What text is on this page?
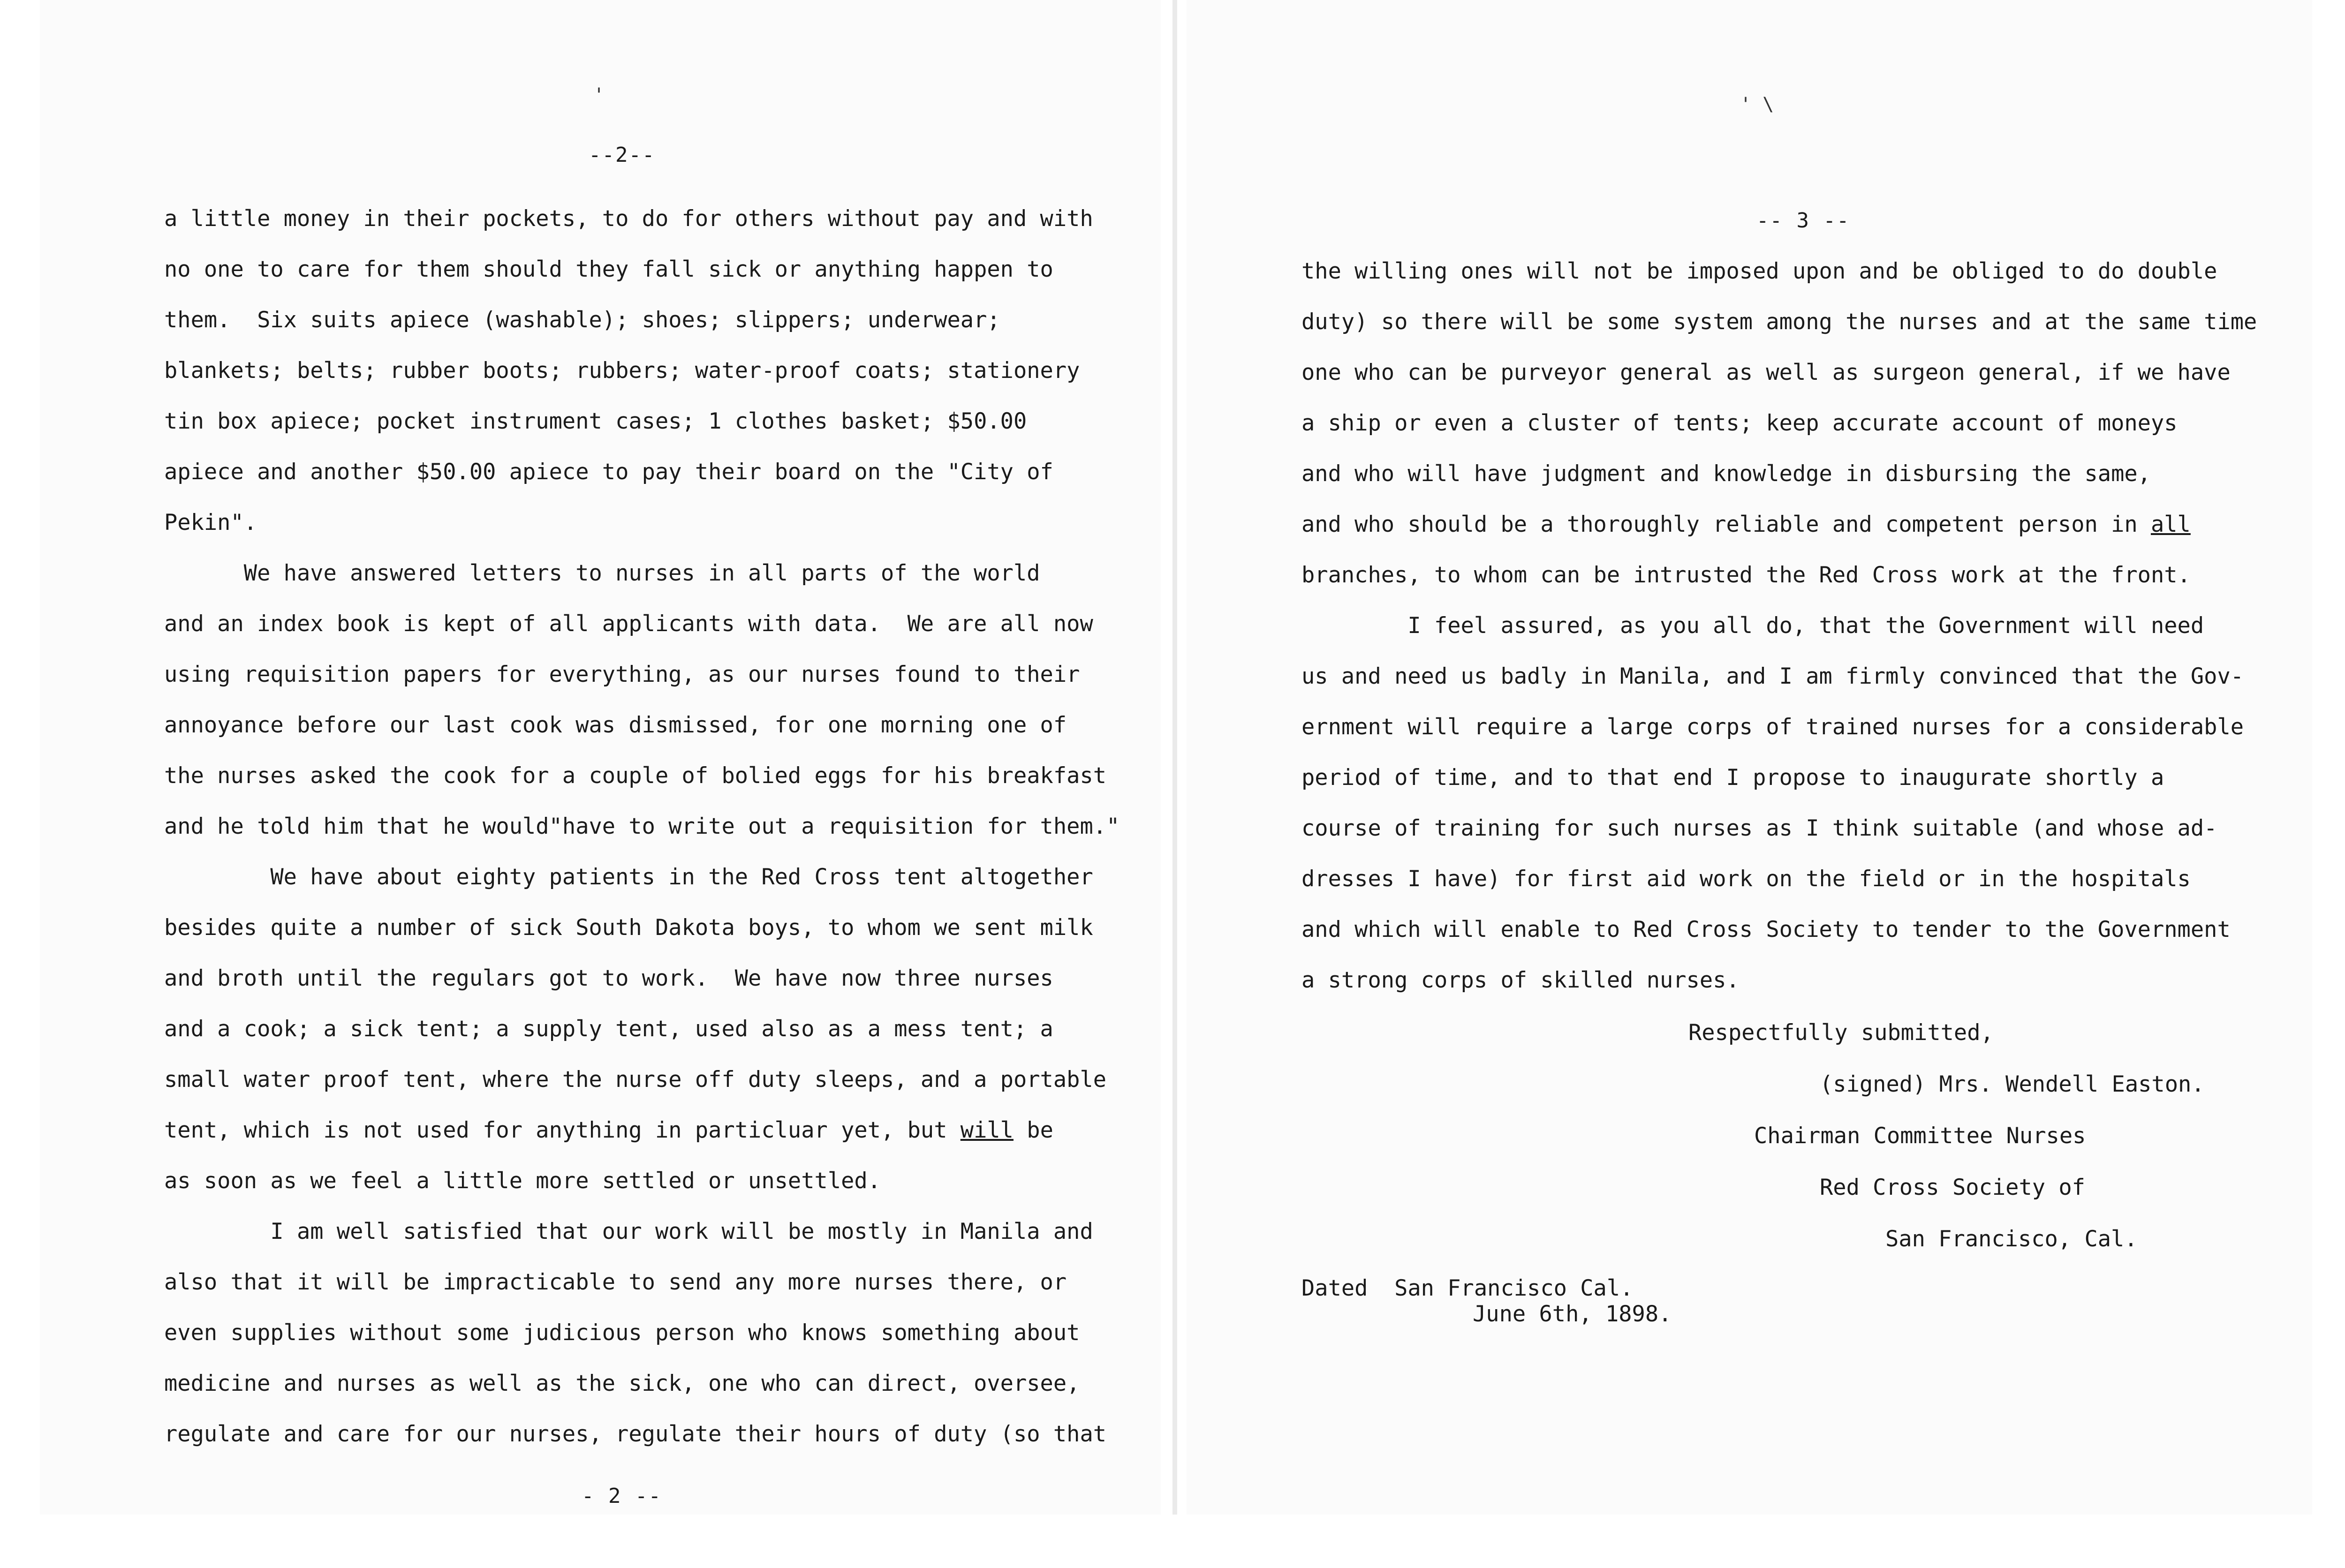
'	' \
--2--
a little money in their pockets, to do for others without pay and with
no one to care for them should they fall sick or anything happen to
them.  Six suits apiece (washable); shoes; slippers; underwear;
blankets; belts; rubber boots; rubbers; water-proof coats; stationery
tin box apiece; pocket instrument cases; 1 clothes basket; $50.00
apiece and another $50.00 apiece to pay their board on the "City of
Pekin".
We have answered letters to nurses in all parts of the world
and an index book is kept of all applicants with data.  We are all now
using requisition papers for everything, as our nurses found to their
annoyance before our last cook was dismissed, for one morning one of
the nurses asked the cook for a couple of bolied eggs for his breakfast
and he told him that he would"have to write out a requisition for them."
We have about eighty patients in the Red Cross tent altogether
besides quite a number of sick South Dakota boys, to whom we sent milk
and broth until the regulars got to work.  We have now three nurses
and a cook; a sick tent; a supply tent, used also as a mess tent; a
small water proof tent, where the nurse off duty sleeps, and a portable
tent, which is not used for anything in particluar yet, but will be
as soon as we feel a little more settled or unsettled.
I am well satisfied that our work will be mostly in Manila and
also that it will be impracticable to send any more nurses there, or
even supplies without some judicious person who knows something about
medicine and nurses as well as the sick, one who can direct, oversee,
regulate and care for our nurses, regulate their hours of duty (so that
- 2 --
-- 3 --
the willing ones will not be imposed upon and be obliged to do double
duty) so there will be some system among the nurses and at the same time
one who can be purveyor general as well as surgeon general, if we have
a ship or even a cluster of tents; keep accurate account of moneys
and who will have judgment and knowledge in disbursing the same,
and who should be a thoroughly reliable and competent person in all
branches, to whom can be intrusted the Red Cross work at the front.
I feel assured, as you all do, that the Government will need
us and need us badly in Manila, and I am firmly convinced that the Gov-
ernment will require a large corps of trained nurses for a considerable
period of time, and to that end I propose to inaugurate shortly a
course of training for such nurses as I think suitable (and whose ad-
dresses I have) for first aid work on the field or in the hospitals
and which will enable to Red Cross Society to tender to the Government
a strong corps of skilled nurses.
Respectfully submitted,
(signed) Mrs. Wendell Easton.
Chairman Committee Nurses
Red Cross Society of
San Francisco, Cal.
Dated  San Francisco Cal.
June 6th, 1898.
